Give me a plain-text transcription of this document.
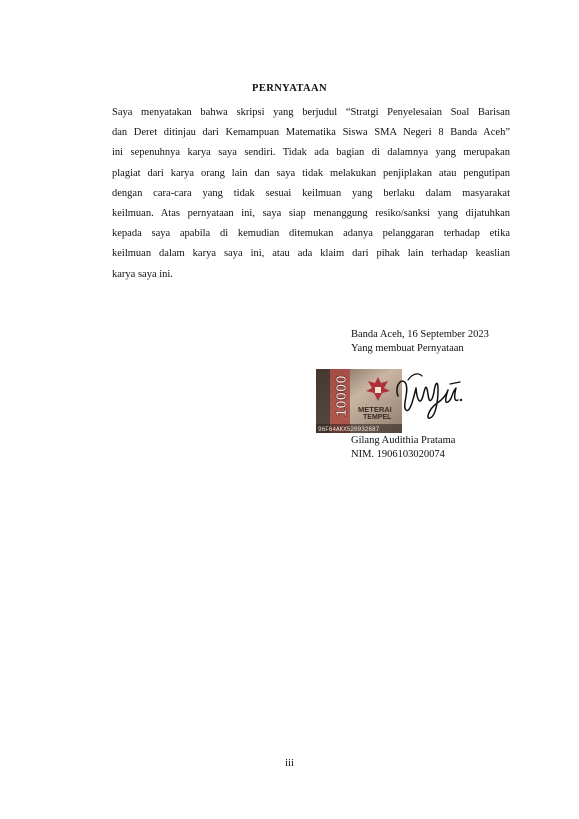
PERNYATAAN

Saya menyatakan bahwa skripsi yang berjudul “Stratgi Penyelesaian Soal Barisan
dan Deret ditinjau dari Kemampuan Matematika Siswa SMA Negeri 8 Banda Aceh”
ini sepenuhnya karya saya sendiri. Tidak ada bagian di dalamnya yang merupakan
plagiat dari karya orang lain dan saya tidak melakukan penjiplakan atau pengutipan
dengan cara-cara yang tidak sesuai keilmuan yang berlaku dalam masyarakat
keilmuan. Atas pernyataan ini, saya siap menanggung resiko/sanksi yang dijatuhkan
kepada saya apabila di kemudian ditemukan adanya pelanggaran terhadap etika
keilmuan dalam karya saya ini, atau ada klaim dari pihak lain terhadap keaslian
karya saya ini.

Banda Aceh, 16 September 2023
Yang membuat Pernyataan
10000 METERAI
TEMPEL
96F64AKX520932687
Gilang Audithia Pratama
NIM. 1906103020074
iii
